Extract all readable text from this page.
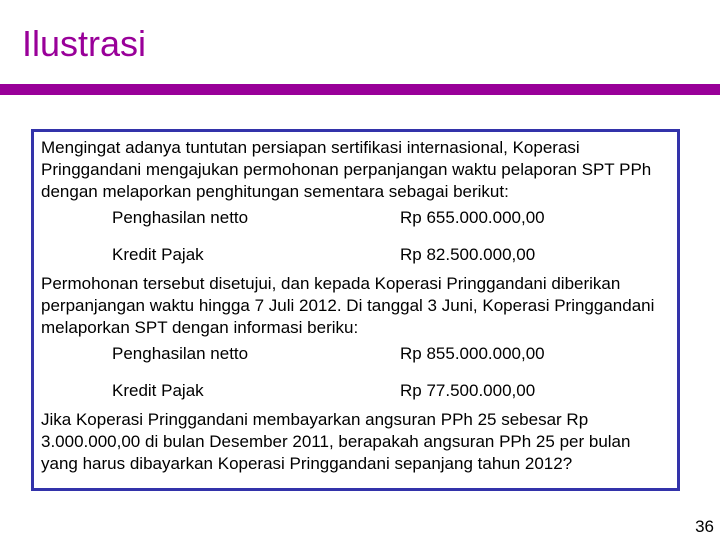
Ilustrasi

Mengingat adanya tuntutan persiapan sertifikasi internasional, Koperasi Pringgandani mengajukan permohonan perpanjangan waktu pelaporan SPT PPh dengan melaporkan penghitungan sementara sebagai berikut:

Penghasilan netto	Rp 655.000.000,00
Kredit Pajak	Rp 82.500.000,00

Permohonan tersebut disetujui, dan kepada Koperasi Pringgandani diberikan perpanjangan waktu hingga 7 Juli 2012. Di tanggal 3 Juni, Koperasi Pringgandani melaporkan SPT dengan informasi beriku:

Penghasilan netto	Rp 855.000.000,00
Kredit Pajak	Rp 77.500.000,00

Jika Koperasi Pringgandani membayarkan angsuran PPh 25 sebesar Rp 3.000.000,00 di bulan Desember 2011, berapakah angsuran PPh 25 per bulan yang harus dibayarkan Koperasi Pringgandani sepanjang tahun 2012?

36
